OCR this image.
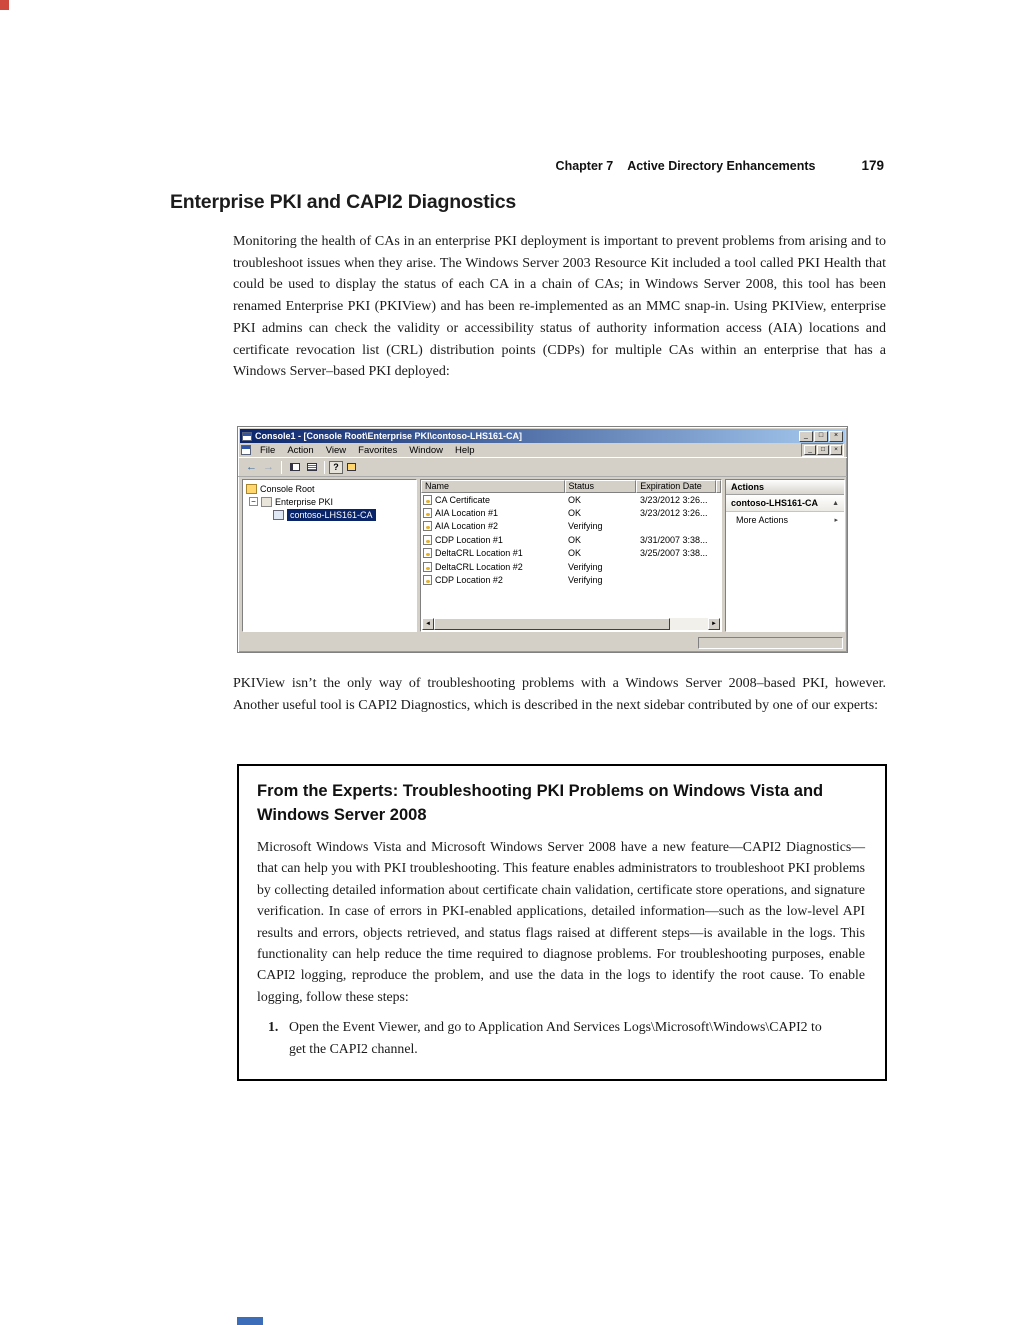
Chapter 7 Active Directory Enhancements	179
Enterprise PKI and CAPI2 Diagnostics

Monitoring the health of CAs in an enterprise PKI deployment is important to prevent problems from arising and to troubleshoot issues when they arise. The Windows Server 2003 Resource Kit included a tool called PKI Health that could be used to display the status of each CA in a chain of CAs; in Windows Server 2008, this tool has been renamed Enterprise PKI (PKIView) and has been re-implemented as an MMC snap-in. Using PKIView, enterprise PKI admins can check the validity or accessibility status of authority information access (AIA) locations and certificate revocation list (CRL) distribution points (CDPs) for multiple CAs within an enterprise that has a Windows Server–based PKI deployed:

Console1 - [Console Root\Enterprise PKI\contoso-LHS161-CA]	_	□	×
File	Action	View	Favorites	Window	Help	_	□	×
← →	?
Console Root
− Enterprise PKI
contoso-LHS161-CA
Name	Status	Expiration Date
CA Certificate	OK	3/23/2012 3:26...
AIA Location #1	OK	3/23/2012 3:26...
AIA Location #2	Verifying
CDP Location #1	OK	3/31/2007 3:38...
DeltaCRL Location #1	OK	3/25/2007 3:38...
DeltaCRL Location #2	Verifying
CDP Location #2	Verifying
◄	►
Actions
contoso-LHS161-CA ▲
More Actions	▸

PKIView isn’t the only way of troubleshooting problems with a Windows Server 2008–based PKI, however. Another useful tool is CAPI2 Diagnostics, which is described in the next sidebar contributed by one of our experts:

From the Experts: Troubleshooting PKI Problems on Windows Vista and Windows Server 2008

Microsoft Windows Vista and Microsoft Windows Server 2008 have a new feature—CAPI2 Diagnostics—that can help you with PKI troubleshooting. This feature enables administrators to troubleshoot PKI problems by collecting detailed information about certificate chain validation, certificate store operations, and signature verification. In case of errors in PKI-enabled applications, detailed information—such as the low-level API results and errors, objects retrieved, and status flags raised at different steps—is available in the logs. This functionality can help reduce the time required to diagnose problems. For troubleshooting purposes, enable CAPI2 logging, reproduce the problem, and use the data in the logs to identify the root cause. To enable logging, follow these steps:

1. Open the Event Viewer, and go to Application And Services Logs\Microsoft\Windows\CAPI2 to get the CAPI2 channel.
